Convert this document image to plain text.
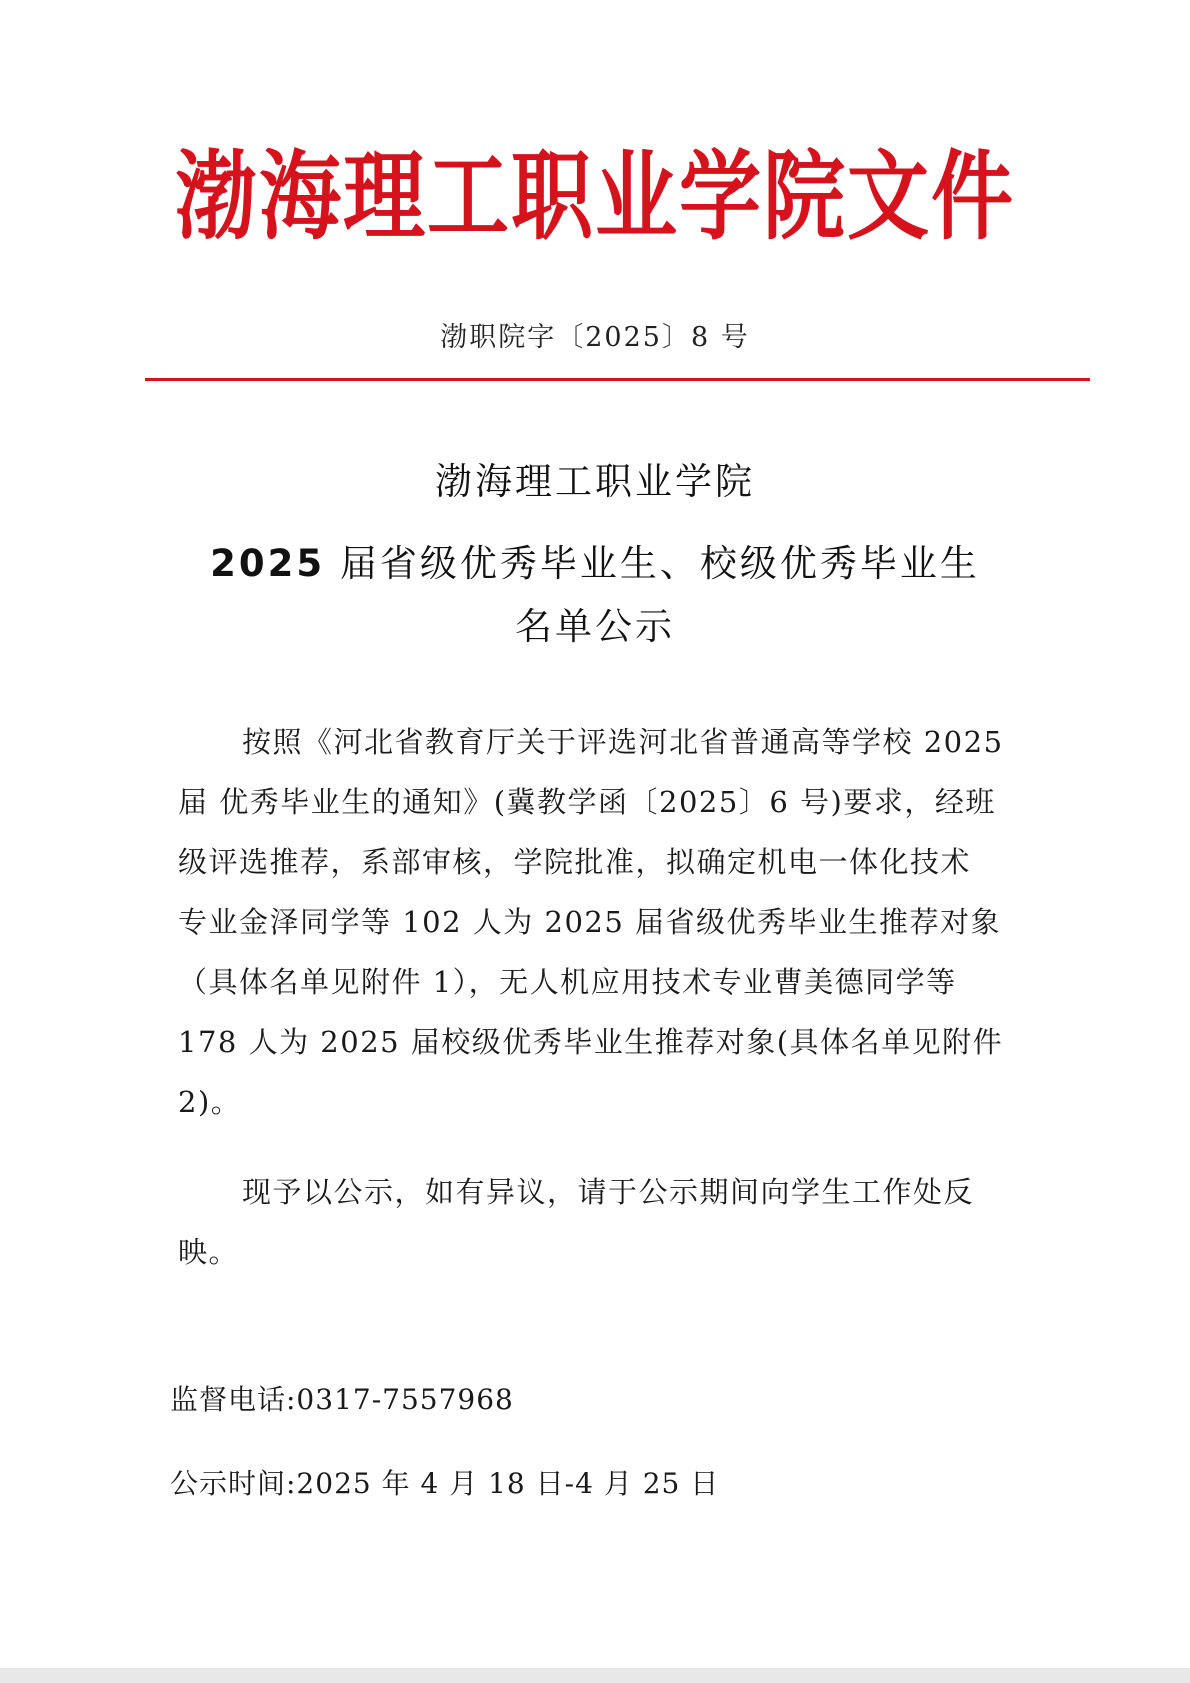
渤海理工职业学院文件
渤职院字〔2025〕8 号
渤海理工职业学院
2025 届省级优秀毕业生、校级优秀毕业生
名单公示
按照《河北省教育厅关于评选河北省普通高等学校 2025
届 优秀毕业生的通知》(冀教学函〔2025〕6 号)要求，经班
级评选推荐，系部审核，学院批准，拟确定机电一体化技术
专业金泽同学等 102 人为 2025 届省级优秀毕业生推荐对象
（具体名单见附件 1），无人机应用技术专业曹美德同学等
178 人为 2025 届校级优秀毕业生推荐对象(具体名单见附件
2)。
现予以公示，如有异议，请于公示期间向学生工作处反
映。
监督电话:0317-7557968
公示时间:2025 年 4 月 18 日-4 月 25 日
